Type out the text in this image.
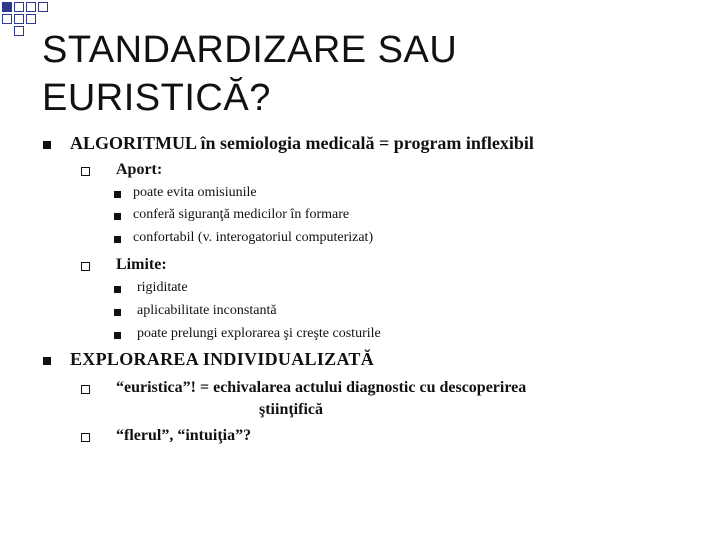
STANDARDIZARE SAU
EURISTICĂ?
ALGORITMUL în semiologia medicală = program inflexibil
Aport:
poate evita omisiunile
conferă siguranţă medicilor în formare
confortabil (v. interogatoriul computerizat)
Limite:
rigiditate
aplicabilitate inconstantă
poate prelungi explorarea şi creşte costurile
EXPLORAREA INDIVIDUALIZATĂ
“euristica”! = echivalarea actului diagnostic cu descoperirea
ştiinţifică
“flerul”, “intuiţia”?
